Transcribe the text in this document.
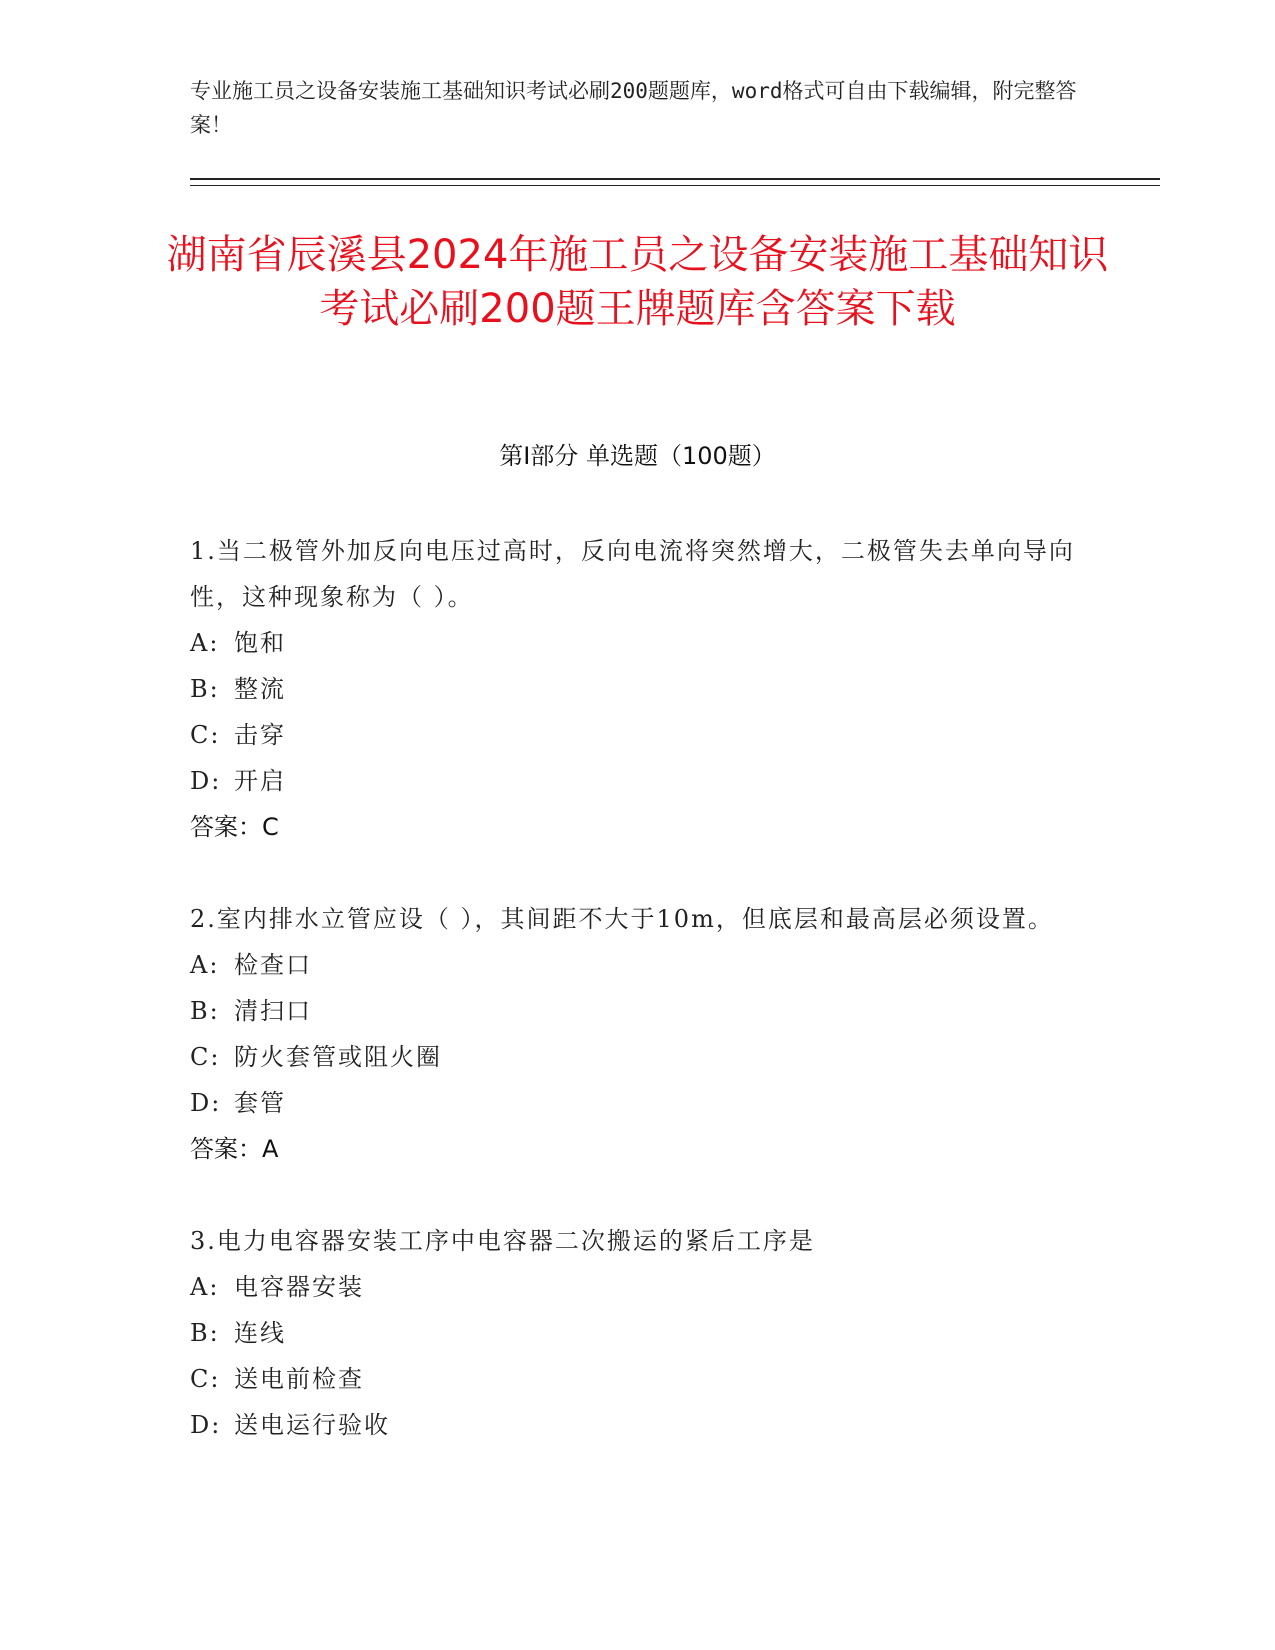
专业施工员之设备安装施工基础知识考试必刷200题题库，word格式可自由下载编辑，附完整答案！
湖南省辰溪县2024年施工员之设备安装施工基础知识考试必刷200题王牌题库含答案下载
第Ⅰ部分 单选题（100题）
1.当二极管外加反向电压过高时，反向电流将突然增大，二极管失去单向导向性，这种现象称为（ ）。
A: 饱和
B: 整流
C: 击穿
D: 开启
答案：C
2.室内排水立管应设（ ），其间距不大于10m，但底层和最高层必须设置。
A: 检查口
B: 清扫口
C: 防火套管或阻火圈
D: 套管
答案：A
3.电力电容器安装工序中电容器二次搬运的紧后工序是
A: 电容器安装
B: 连线
C: 送电前检查
D: 送电运行验收
